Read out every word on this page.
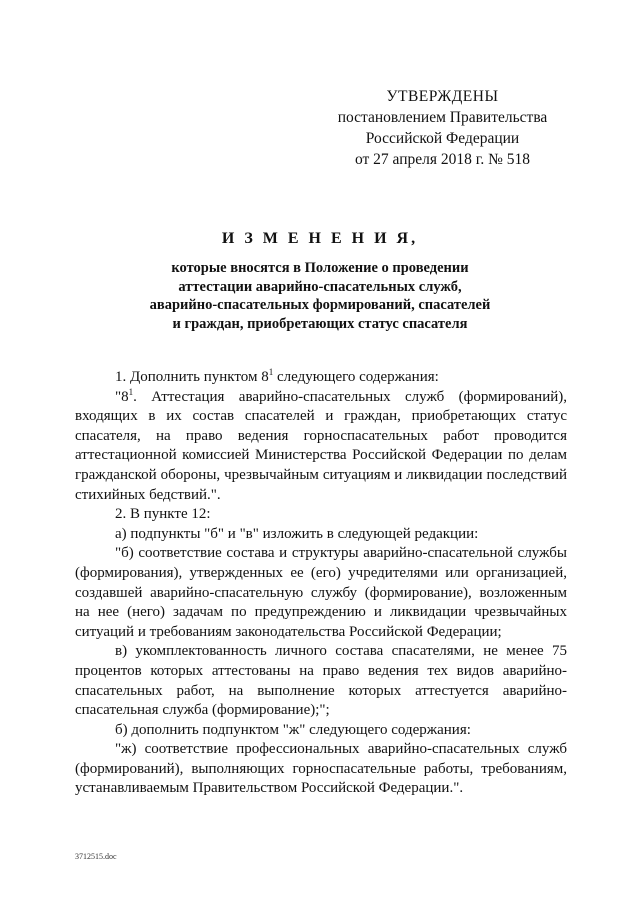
УТВЕРЖДЕНЫ
постановлением Правительства
Российской Федерации
от 27 апреля 2018 г. № 518
И З М Е Н Е Н И Я,
которые вносятся в Положение о проведении
аттестации аварийно-спасательных служб,
аварийно-спасательных формирований, спасателей
и граждан, приобретающих статус спасателя

1. Дополнить пунктом $8^1$ следующего содержания:

"$8^1$. Аттестация аварийно-спасательных служб (формирований), входящих в их состав спасателей и граждан, приобретающих статус спасателя, на право ведения горноспасательных работ проводится аттестационной комиссией Министерства Российской Федерации по делам гражданской обороны, чрезвычайным ситуациям и ликвидации последствий стихийных бедствий.".

2. В пункте 12:

а) подпункты "б" и "в" изложить в следующей редакции:

"б) соответствие состава и структуры аварийно-спасательной службы (формирования), утвержденных ее (его) учредителями или организацией, создавшей аварийно-спасательную службу (формирование), возложенным на нее (него) задачам по предупреждению и ликвидации чрезвычайных ситуаций и требованиям законодательства Российской Федерации;

в) укомплектованность личного состава спасателями, не менее 75 процентов которых аттестованы на право ведения тех видов аварийно-спасательных работ, на выполнение которых аттестуется аварийно-спасательная служба (формирование);";

б) дополнить подпунктом "ж" следующего содержания:

"ж) соответствие профессиональных аварийно-спасательных служб (формирований), выполняющих горноспасательные работы, требованиям, устанавливаемым Правительством Российской Федерации.".

3712515.doc
